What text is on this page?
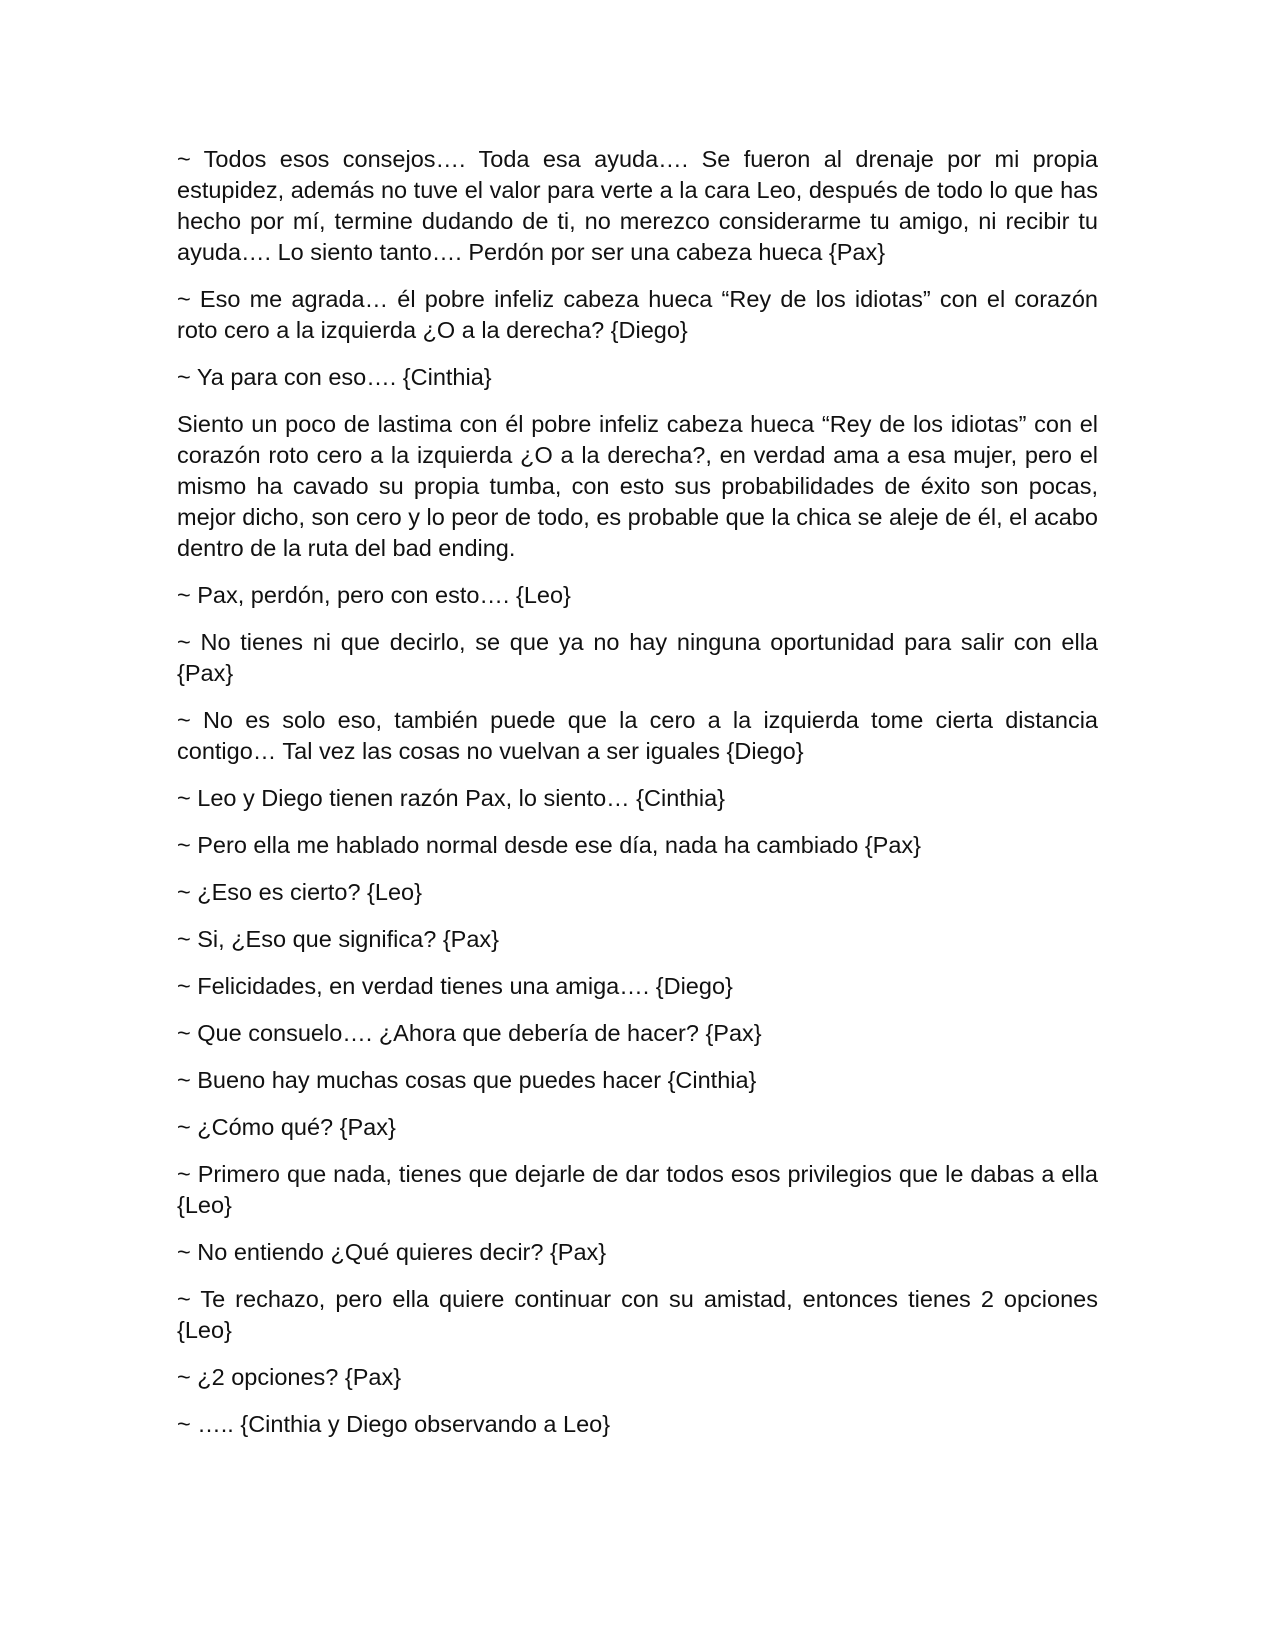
~ Todos esos consejos…. Toda esa ayuda…. Se fueron al drenaje por mi propia estupidez, además no tuve el valor para verte a la cara Leo, después de todo lo que has hecho por mí, termine dudando de ti, no merezco considerarme tu amigo, ni recibir tu ayuda…. Lo siento tanto…. Perdón por ser una cabeza hueca {Pax}

~ Eso me agrada… él pobre infeliz cabeza hueca “Rey de los idiotas” con el corazón roto cero a la izquierda ¿O a la derecha? {Diego}

~ Ya para con eso…. {Cinthia}

Siento un poco de lastima con él pobre infeliz cabeza hueca “Rey de los idiotas” con el corazón roto cero a la izquierda ¿O a la derecha?, en verdad ama a esa mujer, pero el mismo ha cavado su propia tumba, con esto sus probabilidades de éxito son pocas, mejor dicho, son cero y lo peor de todo, es probable que la chica se aleje de él, el acabo dentro de la ruta del bad ending.

~ Pax, perdón, pero con esto…. {Leo}

~ No tienes ni que decirlo, se que ya no hay ninguna oportunidad para salir con ella {Pax}

~ No es solo eso, también puede que la cero a la izquierda tome cierta distancia contigo… Tal vez las cosas no vuelvan a ser iguales {Diego}

~ Leo y Diego tienen razón Pax, lo siento… {Cinthia}

~ Pero ella me hablado normal desde ese día, nada ha cambiado {Pax}

~ ¿Eso es cierto? {Leo}

~ Si, ¿Eso que significa? {Pax}

~ Felicidades, en verdad tienes una amiga…. {Diego}

~ Que consuelo…. ¿Ahora que debería de hacer? {Pax}

~ Bueno hay muchas cosas que puedes hacer {Cinthia}

~ ¿Cómo qué? {Pax}

~ Primero que nada, tienes que dejarle de dar todos esos privilegios que le dabas a ella {Leo}

~ No entiendo ¿Qué quieres decir? {Pax}

~ Te rechazo, pero ella quiere continuar con su amistad, entonces tienes 2 opciones {Leo}

~ ¿2 opciones? {Pax}

~ ….. {Cinthia y Diego observando a Leo}
